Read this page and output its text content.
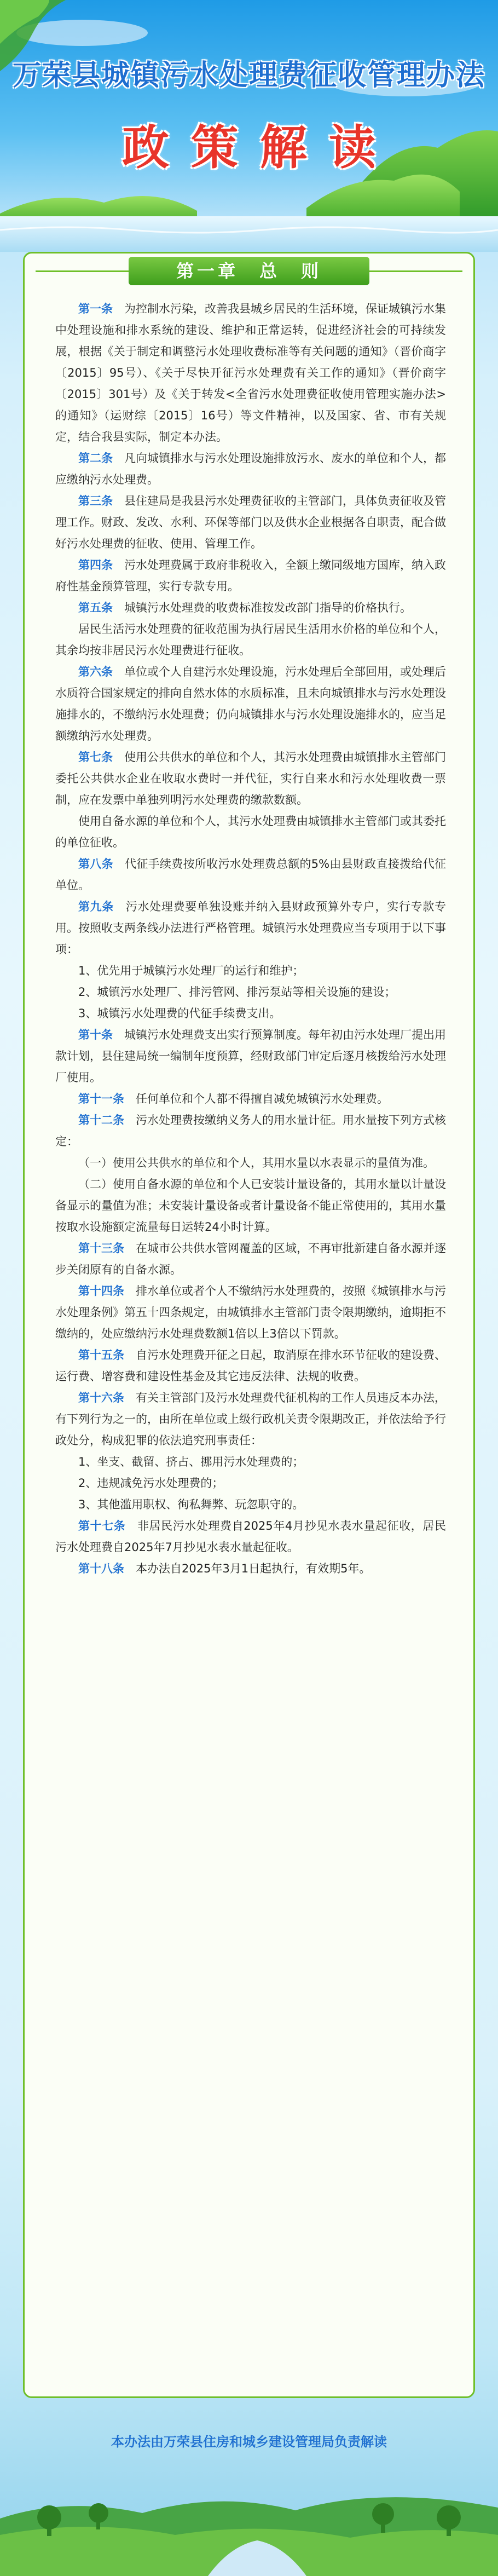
万荣县城镇污水处理费征收管理办法
政策解读
第一章　总　则

第一条　 为控制水污染，改善我县城乡居民的生活环境，保证城镇污水集中处理设施和排水系统的建设、维护和正常运转，促进经济社会的可持续发展，根据《关于制定和调整污水处理收费标准等有关问题的通知》（晋价商字〔2015〕95号）、《关于尽快开征污水处理费有关工作的通知》（晋价商字〔2015〕301号）及《关于转发<全省污水处理费征收使用管理实施办法>的通知》（运财综〔2015〕16号）等文件精神，以及国家、省、市有关规定，结合我县实际，制定本办法。

第二条　 凡向城镇排水与污水处理设施排放污水、废水的单位和个人，都应缴纳污水处理费。

第三条　 县住建局是我县污水处理费征收的主管部门，具体负责征收及管理工作。财政、发改、水利、环保等部门以及供水企业根据各自职责，配合做好污水处理费的征收、使用、管理工作。

第四条　 污水处理费属于政府非税收入，全额上缴同级地方国库，纳入政府性基金预算管理，实行专款专用。

第五条　 城镇污水处理费的收费标准按发改部门指导的价格执行。

居民生活污水处理费的征收范围为执行居民生活用水价格的单位和个人，其余均按非居民污水处理费进行征收。

第六条　 单位或个人自建污水处理设施，污水处理后全部回用，或处理后水质符合国家规定的排向自然水体的水质标准，且未向城镇排水与污水处理设施排水的，不缴纳污水处理费；仍向城镇排水与污水处理设施排水的，应当足额缴纳污水处理费。

第七条　 使用公共供水的单位和个人，其污水处理费由城镇排水主管部门委托公共供水企业在收取水费时一并代征，实行自来水和污水处理收费一票制，应在发票中单独列明污水处理费的缴款数额。

使用自备水源的单位和个人，其污水处理费由城镇排水主管部门或其委托的单位征收。

第八条　 代征手续费按所收污水处理费总额的5%由县财政直接拨给代征单位。

第九条　 污水处理费要单独设账并纳入县财政预算外专户，实行专款专用。按照收支两条线办法进行严格管理。城镇污水处理费应当专项用于以下事项：

1、优先用于城镇污水处理厂的运行和维护；

2、城镇污水处理厂、排污管网、排污泵站等相关设施的建设；

3、城镇污水处理费的代征手续费支出。

第十条　 城镇污水处理费支出实行预算制度。每年初由污水处理厂提出用款计划，县住建局统一编制年度预算，经财政部门审定后逐月核拨给污水处理厂使用。

第十一条　 任何单位和个人都不得擅自减免城镇污水处理费。

第十二条　 污水处理费按缴纳义务人的用水量计征。用水量按下列方式核定：

（一）使用公共供水的单位和个人，其用水量以水表显示的量值为准。

（二）使用自备水源的单位和个人已安装计量设备的，其用水量以计量设备显示的量值为准；未安装计量设备或者计量设备不能正常使用的，其用水量按取水设施额定流量每日运转24小时计算。

第十三条　 在城市公共供水管网覆盖的区域，不再审批新建自备水源并逐步关闭原有的自备水源。

第十四条　 排水单位或者个人不缴纳污水处理费的，按照《城镇排水与污水处理条例》第五十四条规定，由城镇排水主管部门责令限期缴纳，逾期拒不缴纳的，处应缴纳污水处理费数额1倍以上3倍以下罚款。

第十五条　 自污水处理费开征之日起，取消原在排水环节征收的建设费、运行费、增容费和建设性基金及其它违反法律、法规的收费。

第十六条　 有关主管部门及污水处理费代征机构的工作人员违反本办法，有下列行为之一的，由所在单位或上级行政机关责令限期改正，并依法给予行政处分，构成犯罪的依法追究刑事责任：

1、坐支、截留、挤占、挪用污水处理费的；

2、违规减免污水处理费的；

3、其他滥用职权、徇私舞弊、玩忽职守的。

第十七条　 非居民污水处理费自2025年4月抄见水表水量起征收，居民污水处理费自2025年7月抄见水表水量起征收。

第十八条　 本办法自2025年3月1日起执行，有效期5年。

本办法由万荣县住房和城乡建设管理局负责解读
